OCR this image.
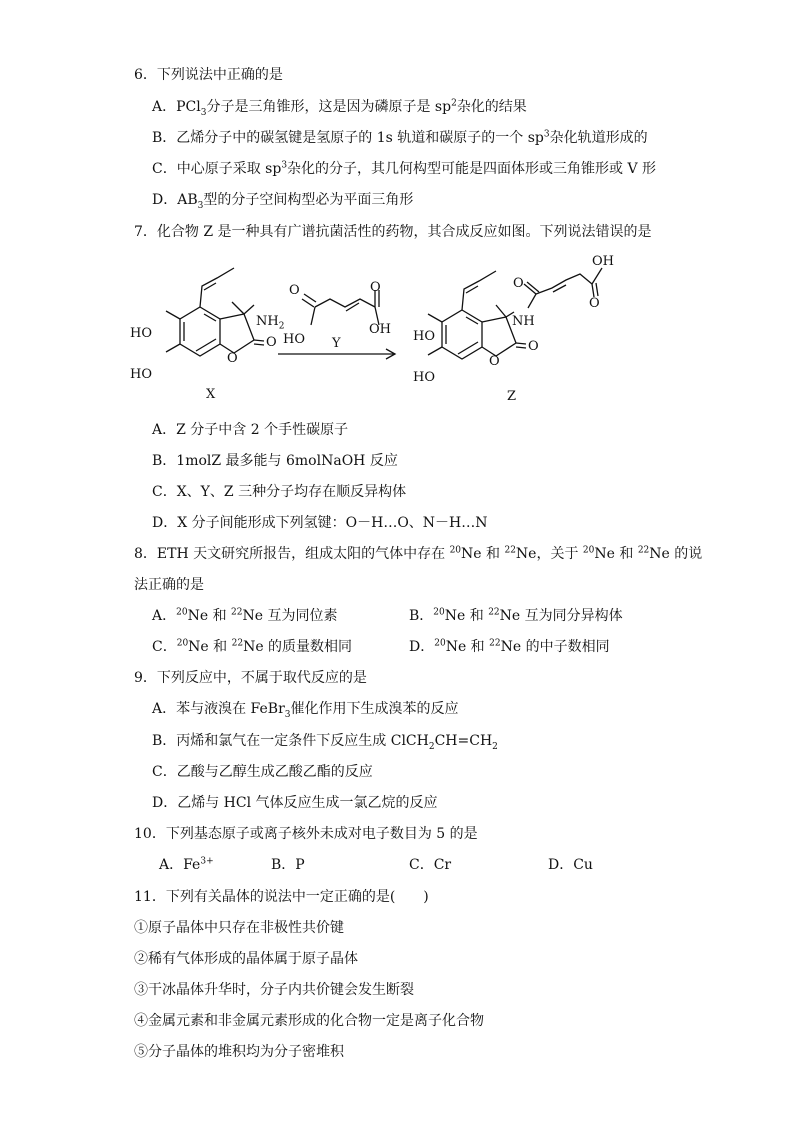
6．下列说法中正确的是
A．PCl$_3$分子是三角锥形，这是因为磷原子是 $sp^2$杂化的结果
B．乙烯分子中的碳氢键是氢原子的 1s 轨道和碳原子的一个 $sp^3$杂化轨道形成的
C．中心原子采取 $sp^3$杂化的分子，其几何构型可能是四面体形或三角锥形或 V 形
D．$AB_3$型的分子空间构型必为平面三角形
7．化合物 Z 是一种具有广谱抗菌活性的药物，其合成反应如图。下列说法错误的是
HO
HO
$NH_2$
O
O
X
O	O
OH
HO Y	HO
HO
NH
O
O
O
OH
O
Z
A．Z 分子中含 2 个手性碳原子
B．1molZ 最多能与 6molNaOH 反应
C．X、Y、Z 三种分子均存在顺反异构体
D．X 分子间能形成下列氢键：O－H…O、N－H…N
8．ETH 天文研究所报告，组成太阳的气体中存在 $^{20}$Ne 和 $^{22}$Ne，关于 $^{20}$Ne 和 $^{22}$Ne 的说
法正确的是
A．$^{20}$Ne 和 $^{22}$Ne 互为同位素	B．$^{20}$Ne 和 $^{22}$Ne 互为同分异构体
C．$^{20}$Ne 和 $^{22}$Ne 的质量数相同	D．$^{20}$Ne 和 $^{22}$Ne 的中子数相同
9．下列反应中，不属于取代反应的是
A．苯与液溴在 FeBr$_3$催化作用下生成溴苯的反应
B．丙烯和氯气在一定条件下反应生成 $ClCH_2CH=CH_2$
C．乙酸与乙醇生成乙酸乙酯的反应
D．乙烯与 HCl 气体反应生成一氯乙烷的反应
10．下列基态原子或离子核外未成对电子数目为 5 的是
A．$Fe^{3+}$	B．P	C．Cr	D．Cu
11．下列有关晶体的说法中一定正确的是(　　)
①原子晶体中只存在非极性共价键
②稀有气体形成的晶体属于原子晶体
③干冰晶体升华时，分子内共价键会发生断裂
④金属元素和非金属元素形成的化合物一定是离子化合物
⑤分子晶体的堆积均为分子密堆积
